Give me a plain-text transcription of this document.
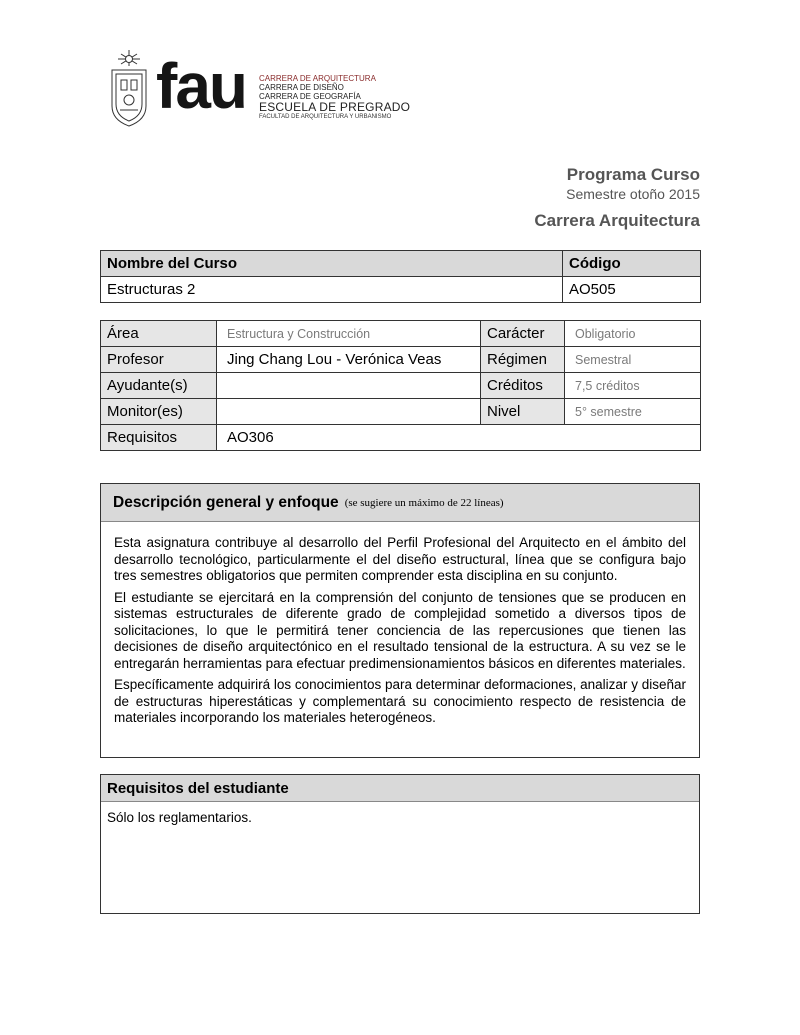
fau CARRERA DE ARQUITECTURA
CARRERA DE DISEÑO
CARRERA DE GEOGRAFÍA
ESCUELA DE PREGRADO
FACULTAD DE ARQUITECTURA Y URBANISMO
Programa Curso
Semestre otoño 2015
Carrera Arquitectura
Nombre del Curso	Código
Estructuras 2	AO505
Área	Estructura y Construcción	Carácter	Obligatorio
Profesor	Jing Chang Lou - Verónica Veas	Régimen	Semestral
Ayudante(s)		Créditos	7,5 créditos
Monitor(es)		Nivel	5° semestre
Requisitos	AO306		
Descripción general y enfoque (se sugiere un máximo de 22 líneas)

Esta asignatura contribuye al desarrollo del Perfil Profesional del Arquitecto en el ámbito del desarrollo tecnológico, particularmente el del diseño estructural, línea que se configura bajo tres semestres obligatorios que permiten comprender esta disciplina en su conjunto.

El estudiante se ejercitará en la comprensión del conjunto de tensiones que se producen en sistemas estructurales de diferente grado de complejidad sometido a diversos tipos de solicitaciones, lo que le permitirá tener conciencia de las repercusiones que tienen las decisiones de diseño arquitectónico en el resultado tensional de la estructura. A su vez se le entregarán herramientas para efectuar predimensionamientos básicos en diferentes materiales.

Específicamente adquirirá los conocimientos para determinar deformaciones, analizar y diseñar de estructuras hiperestáticas y complementará su conocimiento respecto de resistencia de materiales incorporando los materiales heterogéneos.

Requisitos del estudiante
Sólo los reglamentarios.
